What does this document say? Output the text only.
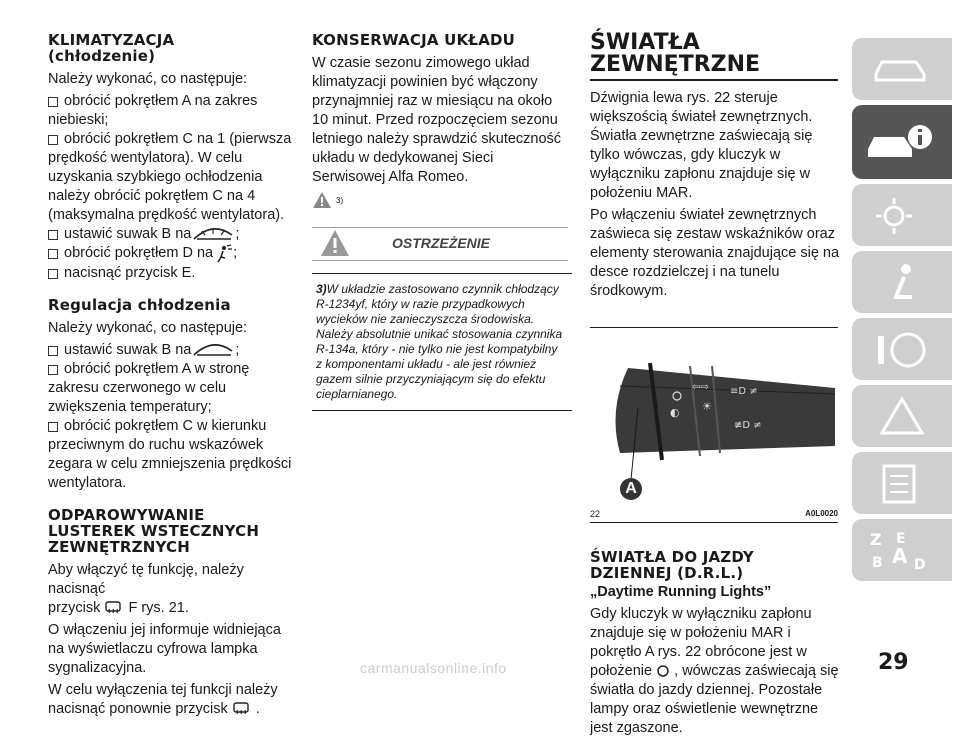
KLIMATYZACJA
(chłodzenie)

Należy wykonać, co następuje:

obrócić pokrętłem A na zakres

niebieski;

obrócić pokrętłem C na 1 (pierwsza

prędkość wentylatora). W celu uzyskania szybkiego ochłodzenia należy obrócić pokrętłem C na 4 (maksymalna prędkość wentylatora).

ustawić suwak B na	;
obrócić pokrętłem D na ;
nacisnąć przycisk E.
Regulacja chłodzenia

Należy wykonać, co następuje:

ustawić suwak B na	;
obrócić pokrętłem A w stronę

zakresu czerwonego w celu zwiększenia temperatury;

obrócić pokrętłem C w kierunku

przeciwnym do ruchu wskazówek zegara w celu zmniejszenia prędkości wentylatora.

ODPAROWYWANIE
LUSTEREK WSTECZNYCH
ZEWNĘTRZNYCH

Aby włączyć tę funkcję, należy nacisnąć
przycisk F rys. 21.

O włączeniu jej informuje widniejąca na wyświetlaczu cyfrowa lampka sygnalizacyjna.

W celu wyłączenia tej funkcji należy
nacisnąć ponownie przycisk .

KONSERWACJA UKŁADU

W czasie sezonu zimowego układ klimatyzacji powinien być włączony przynajmniej raz w miesiącu na około 10 minut. Przed rozpoczęciem sezonu letniego należy sprawdzić skuteczność układu w dedykowanej Sieci Serwisowej Alfa Romeo.

3)
OSTRZEŻENIE
3)W układzie zastosowano czynnik chłodzący R-1234yf, który w razie przypadkowych wycieków nie zanieczyszcza środowiska. Należy absolutnie unikać stosowania czynnika R-134a, który - nie tylko nie jest kompatybilny z komponentami układu - ale jest również gazem silnie przyczyniającym się do efektu cieplarnianego.
ŚWIATŁA
ZEWNĘTRZNE

Dźwignia lewa rys. 22 steruje większością świateł zewnętrznych. Światła zewnętrzne zaświecają się tylko wówczas, gdy kluczyk w wyłączniku zapłonu znajduje się w położeniu MAR.

Po włączeniu świateł zewnętrznych zaświeca się zestaw wskaźników oraz elementy sterowania znajdujące się na desce rozdzielczej i na tunelu środkowym.

◐
⇦⇨
☀
≡D ≠
≢D ≠
A
22	A0L0020
ŚWIATŁA DO JAZDY
DZIENNEJ (D.R.L.)

„Daytime Running Lights”

Gdy kluczyk w wyłączniku zapłonu znajduje się w położeniu MAR i pokrętło A rys. 22 obrócone jest w położenie , wówczas zaświecają się światła do jazdy dziennej. Pozostałe lampy oraz oświetlenie wewnętrzne jest zgaszone.

Z E
B A D
29
carmanualsonline.info
